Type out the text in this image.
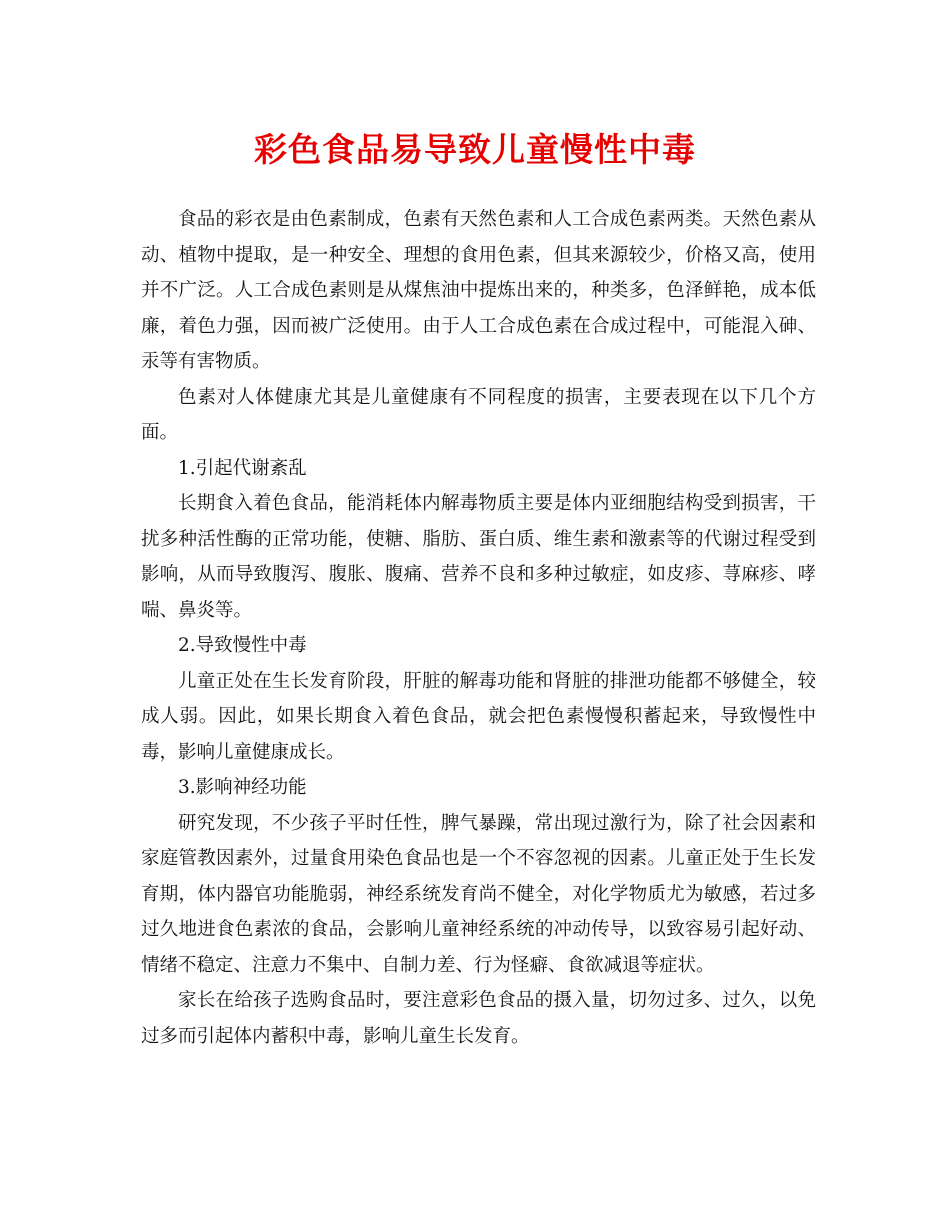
彩色食品易导致儿童慢性中毒

食品的彩衣是由色素制成，色素有天然色素和人工合成色素两类。天然色素从动、植物中提取，是一种安全、理想的食用色素，但其来源较少，价格又高，使用并不广泛。人工合成色素则是从煤焦油中提炼出来的，种类多，色泽鲜艳，成本低廉，着色力强，因而被广泛使用。由于人工合成色素在合成过程中，可能混入砷、汞等有害物质。

色素对人体健康尤其是儿童健康有不同程度的损害，主要表现在以下几个方面。

1.引起代谢紊乱

长期食入着色食品，能消耗体内解毒物质主要是体内亚细胞结构受到损害，干扰多种活性酶的正常功能，使糖、脂肪、蛋白质、维生素和激素等的代谢过程受到影响，从而导致腹泻、腹胀、腹痛、营养不良和多种过敏症，如皮疹、荨麻疹、哮喘、鼻炎等。

2.导致慢性中毒

儿童正处在生长发育阶段，肝脏的解毒功能和肾脏的排泄功能都不够健全，较成人弱。因此，如果长期食入着色食品，就会把色素慢慢积蓄起来，导致慢性中毒，影响儿童健康成长。

3.影响神经功能

研究发现，不少孩子平时任性，脾气暴躁，常出现过激行为，除了社会因素和家庭管教因素外，过量食用染色食品也是一个不容忽视的因素。儿童正处于生长发育期，体内器官功能脆弱，神经系统发育尚不健全，对化学物质尤为敏感，若过多过久地进食色素浓的食品，会影响儿童神经系统的冲动传导，以致容易引起好动、情绪不稳定、注意力不集中、自制力差、行为怪癖、食欲减退等症状。

家长在给孩子选购食品时，要注意彩色食品的摄入量，切勿过多、过久，以免过多而引起体内蓄积中毒，影响儿童生长发育。
